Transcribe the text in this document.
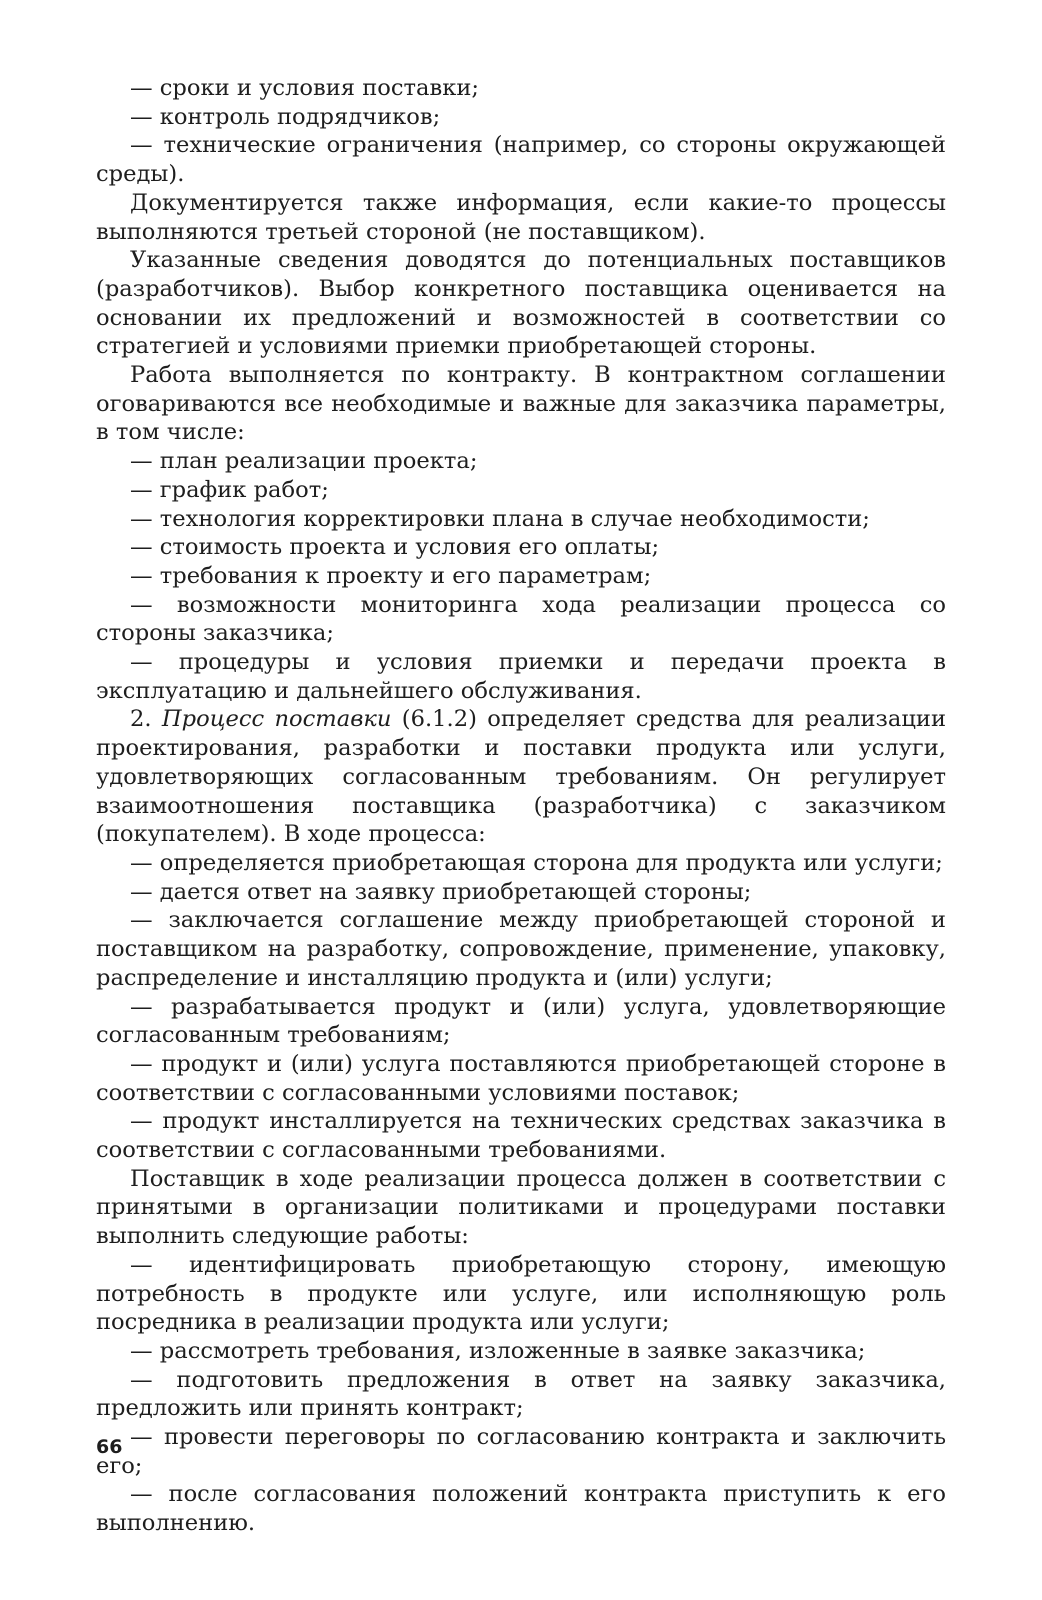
— сроки и условия поставки;

— контроль подрядчиков;

— технические ограничения (например, со стороны окружающей среды).

Документируется также информация, если какие-то процессы выполняются третьей стороной (не поставщиком).

Указанные сведения доводятся до потенциальных поставщиков (разработчиков). Выбор конкретного поставщика оценивается на основании их предложений и возможностей в соответствии со стратегией и условиями приемки приобретающей стороны.

Работа выполняется по контракту. В контрактном соглашении оговариваются все необходимые и важные для заказчика параметры, в том числе:

— план реализации проекта;

— график работ;

— технология корректировки плана в случае необходимости;

— стоимость проекта и условия его оплаты;

— требования к проекту и его параметрам;

— возможности мониторинга хода реализации процесса со стороны заказчика;

— процедуры и условия приемки и передачи проекта в эксплуатацию и дальнейшего обслуживания.

2. Процесс поставки (6.1.2) определяет средства для реализации проектирования, разработки и поставки продукта или услуги, удовлетворяющих согласованным требованиям. Он регулирует взаимоотношения поставщика (разработчика) с заказчиком (покупателем). В ходе процесса:

— определяется приобретающая сторона для продукта или услуги;

— дается ответ на заявку приобретающей стороны;

— заключается соглашение между приобретающей стороной и поставщиком на разработку, сопровождение, применение, упаковку, распределение и инсталляцию продукта и (или) услуги;

— разрабатывается продукт и (или) услуга, удовлетворяющие согласованным требованиям;

— продукт и (или) услуга поставляются приобретающей стороне в соответствии с согласованными условиями поставок;

— продукт инсталлируется на технических средствах заказчика в соответствии с согласованными требованиями.

Поставщик в ходе реализации процесса должен в соответствии с принятыми в организации политиками и процедурами поставки выполнить следующие работы:

— идентифицировать приобретающую сторону, имеющую потребность в продукте или услуге, или исполняющую роль посредника в реализации продукта или услуги;

— рассмотреть требования, изложенные в заявке заказчика;

— подготовить предложения в ответ на заявку заказчика, предложить или принять контракт;

— провести переговоры по согласованию контракта и заключить его;

— после согласования положений контракта приступить к его выполнению.

66
